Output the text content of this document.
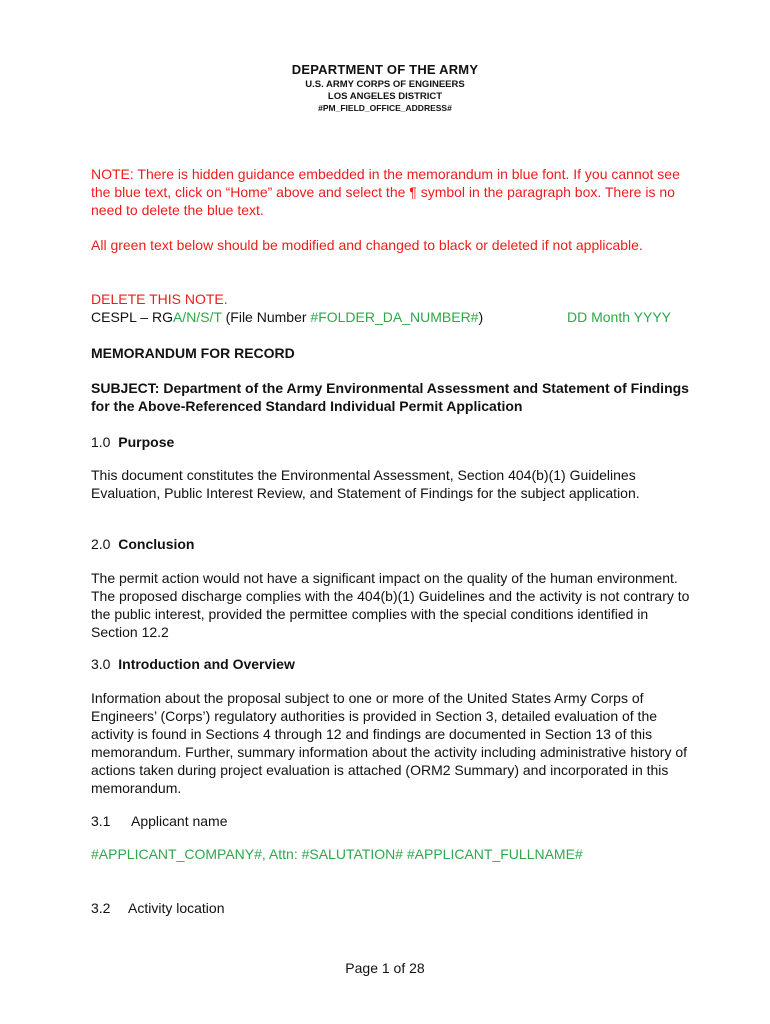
DEPARTMENT OF THE ARMY
U.S. ARMY CORPS OF ENGINEERS
LOS ANGELES DISTRICT
#PM_FIELD_OFFICE_ADDRESS#

NOTE: There is hidden guidance embedded in the memorandum in blue font. If you cannot see the blue text, click on “Home” above and select the ¶ symbol in the paragraph box. There is no need to delete the blue text.

All green text below should be modified and changed to black or deleted if not applicable.

DELETE THIS NOTE.

CESPL – RGA/N/S/T (File Number #FOLDER_DA_NUMBER#)	DD Month YYYY

MEMORANDUM FOR RECORD

SUBJECT: Department of the Army Environmental Assessment and Statement of Findings for the Above-Referenced Standard Individual Permit Application

1.0 Purpose

This document constitutes the Environmental Assessment, Section 404(b)(1) Guidelines Evaluation, Public Interest Review, and Statement of Findings for the subject application.

2.0 Conclusion

The permit action would not have a significant impact on the quality of the human environment. The proposed discharge complies with the 404(b)(1) Guidelines and the activity is not contrary to the public interest, provided the permittee complies with the special conditions identified in Section 12.2

3.0 Introduction and Overview

Information about the proposal subject to one or more of the United States Army Corps of Engineers’ (Corps’) regulatory authorities is provided in Section 3, detailed evaluation of the activity is found in Sections 4 through 12 and findings are documented in Section 13 of this memorandum. Further, summary information about the activity including administrative history of actions taken during project evaluation is attached (ORM2 Summary) and incorporated in this memorandum.

3.1 Applicant name

#APPLICANT_COMPANY#, Attn: #SALUTATION# #APPLICANT_FULLNAME#

3.2 Activity location

Page 1 of 28
